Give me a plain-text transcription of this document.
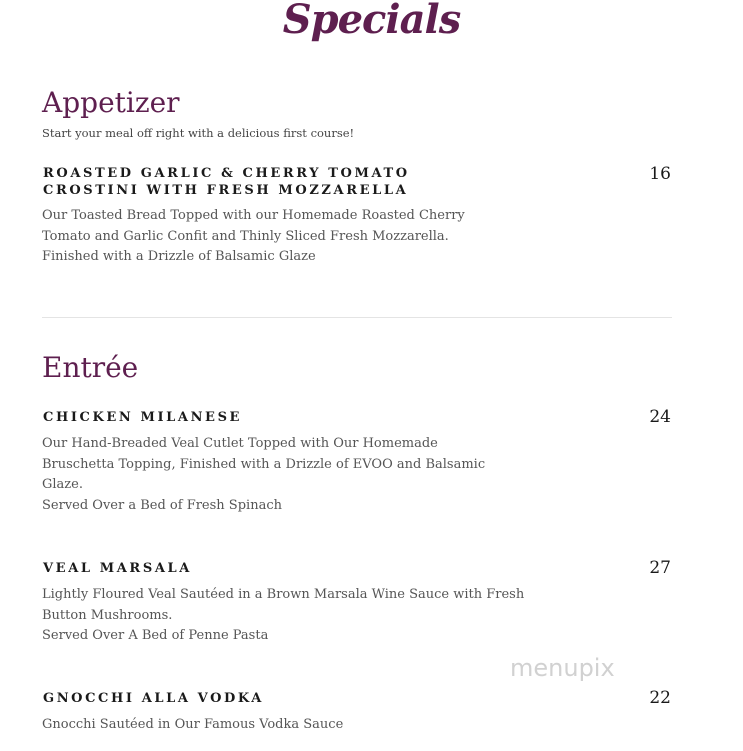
Specials
Appetizer
Start your meal off right with a delicious first course!
ROASTED GARLIC & CHERRY TOMATO
CROSTINI WITH FRESH MOZZARELLA
16
Our Toasted Bread Topped with our Homemade Roasted Cherry
Tomato and Garlic Confit and Thinly Sliced Fresh Mozzarella.
Finished with a Drizzle of Balsamic Glaze
Entrée
CHICKEN MILANESE	24
Our Hand-Breaded Veal Cutlet Topped with Our Homemade
Bruschetta Topping, Finished with a Drizzle of EVOO and Balsamic
Glaze.
Served Over a Bed of Fresh Spinach
VEAL MARSALA	27
Lightly Floured Veal Sautéed in a Brown Marsala Wine Sauce with Fresh
Button Mushrooms.
Served Over A Bed of Penne Pasta
menupix
GNOCCHI ALLA VODKA	22
Gnocchi Sautéed in Our Famous Vodka Sauce
